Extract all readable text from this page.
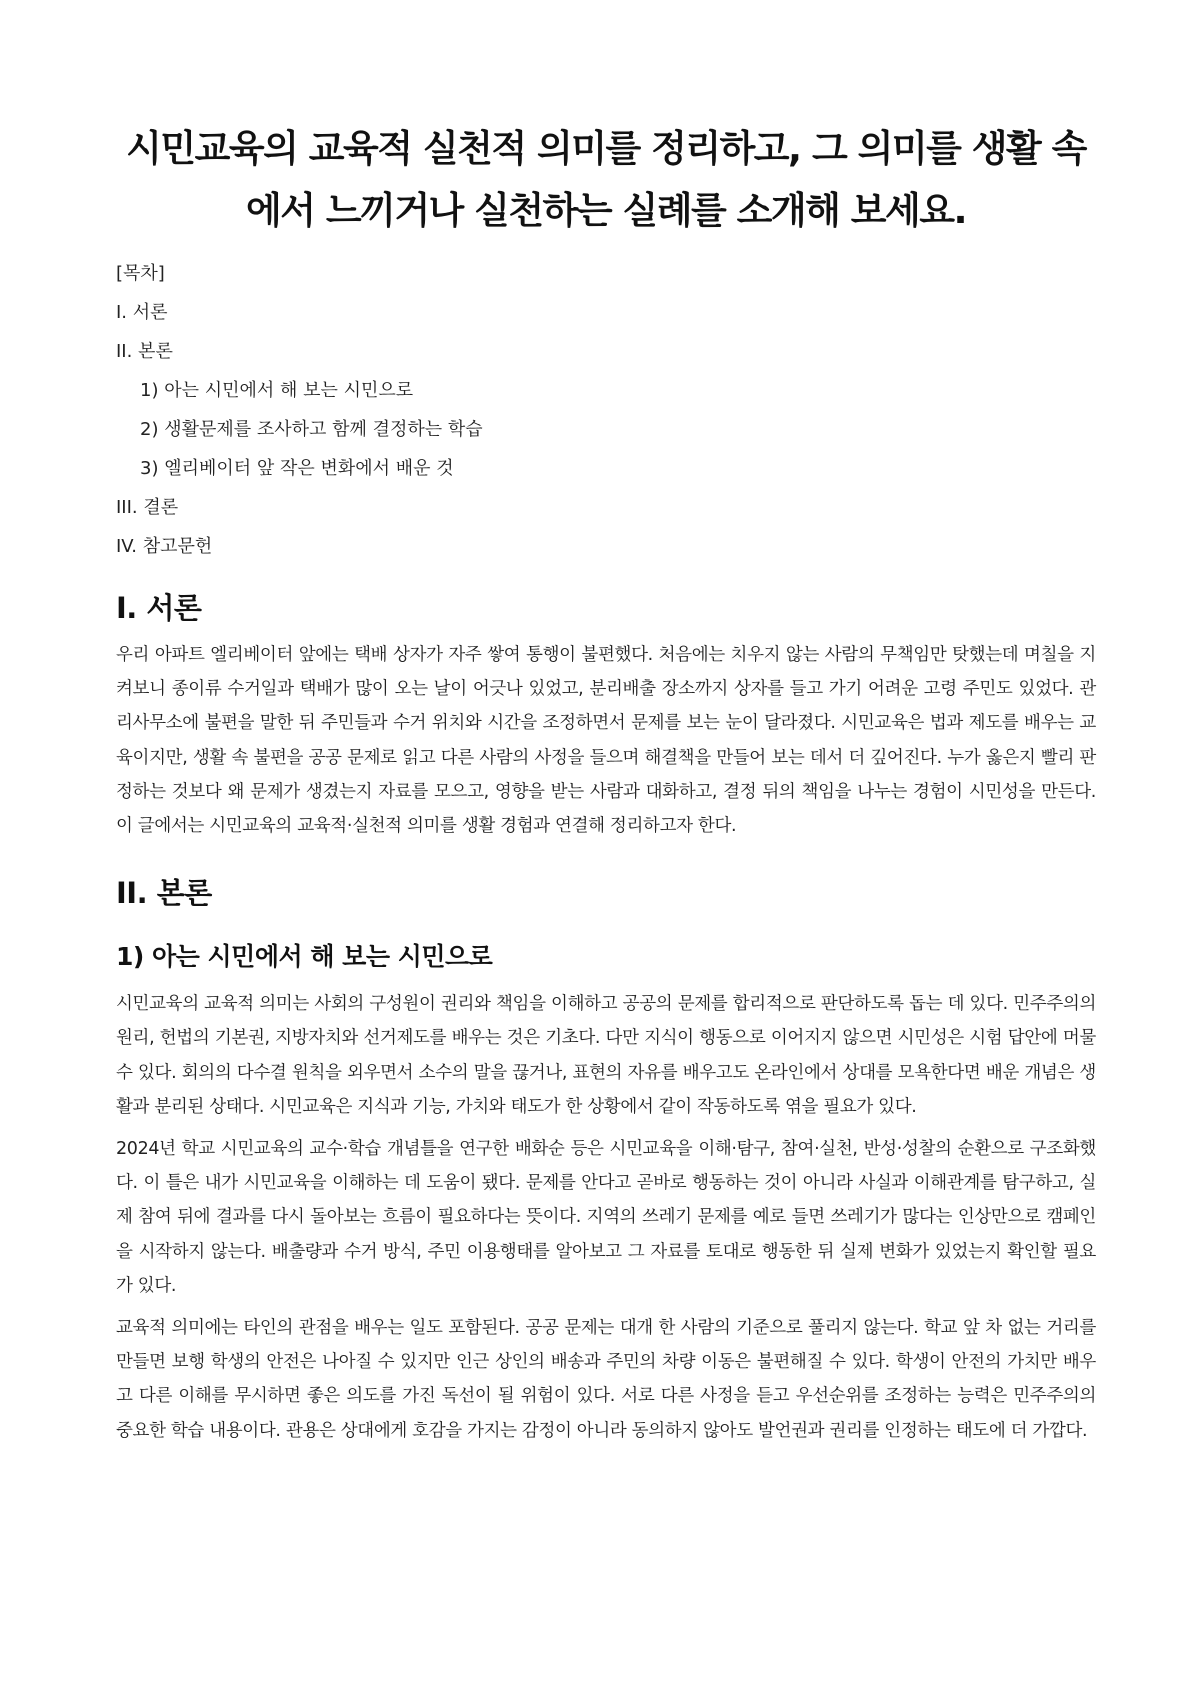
시민교육의 교육적 실천적 의미를 정리하고, 그 의미를 생활 속
에서 느끼거나 실천하는 실례를 소개해 보세요.
[목차]
I. 서론
II. 본론
1) 아는 시민에서 해 보는 시민으로
2) 생활문제를 조사하고 함께 결정하는 학습
3) 엘리베이터 앞 작은 변화에서 배운 것
III. 결론
IV. 참고문헌
I. 서론

우리 아파트 엘리베이터 앞에는 택배 상자가 자주 쌓여 통행이 불편했다. 처음에는 치우지 않는 사람의 무책임만 탓했는데 며칠을 지켜보니 종이류 수거일과 택배가 많이 오는 날이 어긋나 있었고, 분리배출 장소까지 상자를 들고 가기 어려운 고령 주민도 있었다. 관리사무소에 불편을 말한 뒤 주민들과 수거 위치와 시간을 조정하면서 문제를 보는 눈이 달라졌다. 시민교육은 법과 제도를 배우는 교육이지만, 생활 속 불편을 공공 문제로 읽고 다른 사람의 사정을 들으며 해결책을 만들어 보는 데서 더 깊어진다. 누가 옳은지 빨리 판정하는 것보다 왜 문제가 생겼는지 자료를 모으고, 영향을 받는 사람과 대화하고, 결정 뒤의 책임을 나누는 경험이 시민성을 만든다. 이 글에서는 시민교육의 교육적·실천적 의미를 생활 경험과 연결해 정리하고자 한다.

II. 본론
1) 아는 시민에서 해 보는 시민으로

시민교육의 교육적 의미는 사회의 구성원이 권리와 책임을 이해하고 공공의 문제를 합리적으로 판단하도록 돕는 데 있다. 민주주의의 원리, 헌법의 기본권, 지방자치와 선거제도를 배우는 것은 기초다. 다만 지식이 행동으로 이어지지 않으면 시민성은 시험 답안에 머물 수 있다. 회의의 다수결 원칙을 외우면서 소수의 말을 끊거나, 표현의 자유를 배우고도 온라인에서 상대를 모욕한다면 배운 개념은 생활과 분리된 상태다. 시민교육은 지식과 기능, 가치와 태도가 한 상황에서 같이 작동하도록 엮을 필요가 있다.

2024년 학교 시민교육의 교수·학습 개념틀을 연구한 배화순 등은 시민교육을 이해·탐구, 참여·실천, 반성·성찰의 순환으로 구조화했다. 이 틀은 내가 시민교육을 이해하는 데 도움이 됐다. 문제를 안다고 곧바로 행동하는 것이 아니라 사실과 이해관계를 탐구하고, 실제 참여 뒤에 결과를 다시 돌아보는 흐름이 필요하다는 뜻이다. 지역의 쓰레기 문제를 예로 들면 쓰레기가 많다는 인상만으로 캠페인을 시작하지 않는다. 배출량과 수거 방식, 주민 이용행태를 알아보고 그 자료를 토대로 행동한 뒤 실제 변화가 있었는지 확인할 필요가 있다.

교육적 의미에는 타인의 관점을 배우는 일도 포함된다. 공공 문제는 대개 한 사람의 기준으로 풀리지 않는다. 학교 앞 차 없는 거리를 만들면 보행 학생의 안전은 나아질 수 있지만 인근 상인의 배송과 주민의 차량 이동은 불편해질 수 있다. 학생이 안전의 가치만 배우고 다른 이해를 무시하면 좋은 의도를 가진 독선이 될 위험이 있다. 서로 다른 사정을 듣고 우선순위를 조정하는 능력은 민주주의의 중요한 학습 내용이다. 관용은 상대에게 호감을 가지는 감정이 아니라 동의하지 않아도 발언권과 권리를 인정하는 태도에 더 가깝다.
